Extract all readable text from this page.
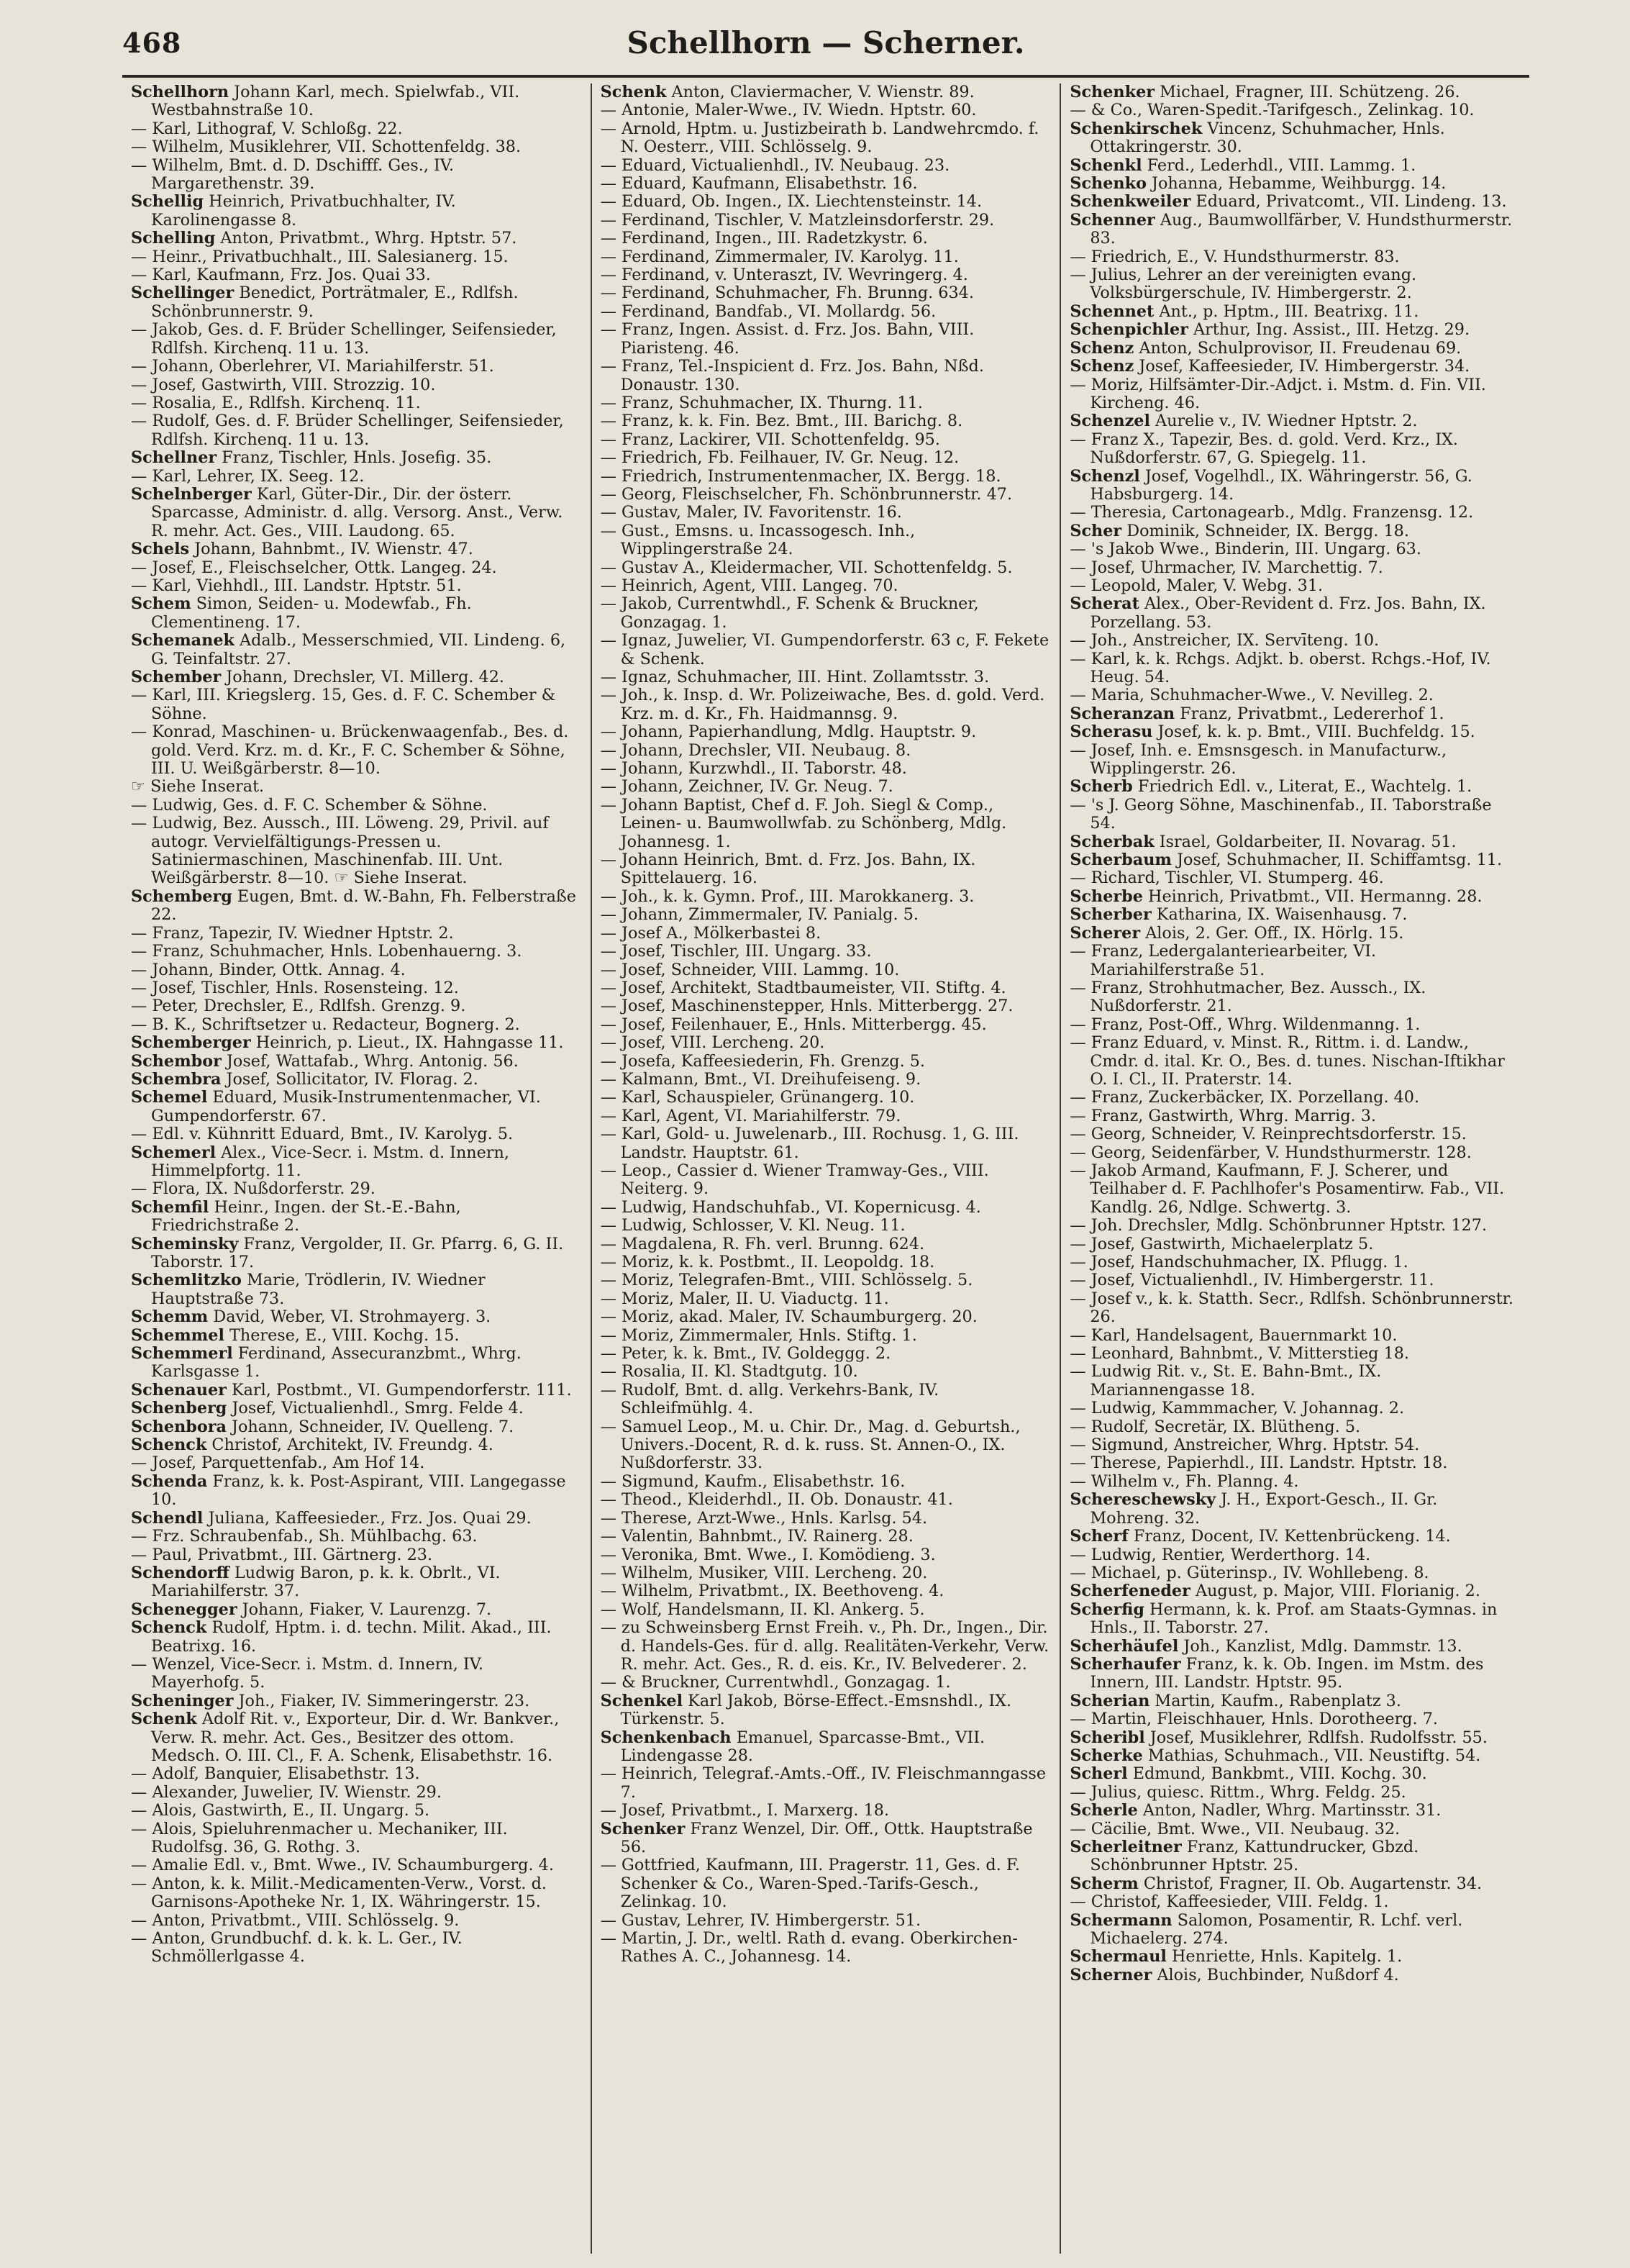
468	Schellhorn — Scherner.

Schellhorn Johann Karl, mech. Spielwfab., VII. Westbahnstraße 10.

— Karl, Lithograf, V. Schloßg. 22.

— Wilhelm, Musiklehrer, VII. Schottenfeldg. 38.

— Wilhelm, Bmt. d. D. Dschifff. Ges., IV. Margarethenstr. 39.

Schellig Heinrich, Privatbuchhalter, IV. Karolinengasse 8.

Schelling Anton, Privatbmt., Whrg. Hptstr. 57.

— Heinr., Privatbuchhalt., III. Salesianerg. 15.

— Karl, Kaufmann, Frz. Jos. Quai 33.

Schellinger Benedict, Porträtmaler, E., Rdlfsh. Schönbrunnerstr. 9.

— Jakob, Ges. d. F. Brüder Schellinger, Seifensieder, Rdlfsh. Kirchenq. 11 u. 13.

— Johann, Oberlehrer, VI. Mariahilferstr. 51.

— Josef, Gastwirth, VIII. Strozzig. 10.

— Rosalia, E., Rdlfsh. Kirchenq. 11.

— Rudolf, Ges. d. F. Brüder Schellinger, Seifensieder, Rdlfsh. Kirchenq. 11 u. 13.

Schellner Franz, Tischler, Hnls. Josefig. 35.

— Karl, Lehrer, IX. Seeg. 12.

Schelnberger Karl, Güter-Dir., Dir. der österr. Sparcasse, Administr. d. allg. Versorg. Anst., Verw. R. mehr. Act. Ges., VIII. Laudong. 65.

Schels Johann, Bahnbmt., IV. Wienstr. 47.

— Josef, E., Fleischselcher, Ottk. Langeg. 24.

— Karl, Viehhdl., III. Landstr. Hptstr. 51.

Schem Simon, Seiden- u. Modewfab., Fh. Clementineng. 17.

Schemanek Adalb., Messerschmied, VII. Lindeng. 6, G. Teinfaltstr. 27.

Schember Johann, Drechsler, VI. Millerg. 42.

— Karl, III. Kriegslerg. 15, Ges. d. F. C. Schember & Söhne.

— Konrad, Maschinen- u. Brückenwaagenfab., Bes. d. gold. Verd. Krz. m. d. Kr., F. C. Schember & Söhne, III. U. Weißgärberstr. 8—10.

☞ Siehe Inserat.

— Ludwig, Ges. d. F. C. Schember & Söhne.

— Ludwig, Bez. Aussch., III. Löweng. 29, Privil. auf autogr. Vervielfältigungs-Pressen u. Satiniermaschinen, Maschinenfab. III. Unt. Weißgärberstr. 8—10. ☞ Siehe Inserat.

Schemberg Eugen, Bmt. d. W.-Bahn, Fh. Felberstraße 22.

— Franz, Tapezir, IV. Wiedner Hptstr. 2.

— Franz, Schuhmacher, Hnls. Lobenhauerng. 3.

— Johann, Binder, Ottk. Annag. 4.

— Josef, Tischler, Hnls. Rosensteing. 12.

— Peter, Drechsler, E., Rdlfsh. Grenzg. 9.

— B. K., Schriftsetzer u. Redacteur, Bognerg. 2.

Schemberger Heinrich, p. Lieut., IX. Hahngasse 11.

Schembor Josef, Wattafab., Whrg. Antonig. 56.

Schembra Josef, Sollicitator, IV. Florag. 2.

Schemel Eduard, Musik-Instrumentenmacher, VI. Gumpendorferstr. 67.

— Edl. v. Kühnritt Eduard, Bmt., IV. Karolyg. 5.

Schemerl Alex., Vice-Secr. i. Mstm. d. Innern, Himmelpfortg. 11.

— Flora, IX. Nußdorferstr. 29.

Schemfil Heinr., Ingen. der St.-E.-Bahn, Friedrichstraße 2.

Scheminsky Franz, Vergolder, II. Gr. Pfarrg. 6, G. II. Taborstr. 17.

Schemlitzko Marie, Trödlerin, IV. Wiedner Hauptstraße 73.

Schemm David, Weber, VI. Strohmayerg. 3.

Schemmel Therese, E., VIII. Kochg. 15.

Schemmerl Ferdinand, Assecuranzbmt., Whrg. Karlsgasse 1.

Schenauer Karl, Postbmt., VI. Gumpendorferstr. 111.

Schenberg Josef, Victualienhdl., Smrg. Felde 4.

Schenbora Johann, Schneider, IV. Quelleng. 7.

Schenck Christof, Architekt, IV. Freundg. 4.

— Josef, Parquettenfab., Am Hof 14.

Schenda Franz, k. k. Post-Aspirant, VIII. Langegasse 10.

Schendl Juliana, Kaffeesieder., Frz. Jos. Quai 29.

— Frz. Schraubenfab., Sh. Mühlbachg. 63.

— Paul, Privatbmt., III. Gärtnerg. 23.

Schendorff Ludwig Baron, p. k. k. Obrlt., VI. Mariahilferstr. 37.

Schenegger Johann, Fiaker, V. Laurenzg. 7.

Schenck Rudolf, Hptm. i. d. techn. Milit. Akad., III. Beatrixg. 16.

— Wenzel, Vice-Secr. i. Mstm. d. Innern, IV. Mayerhofg. 5.

Scheninger Joh., Fiaker, IV. Simmeringerstr. 23.

Schenk Adolf Rit. v., Exporteur, Dir. d. Wr. Bankver., Verw. R. mehr. Act. Ges., Besitzer des ottom. Medsch. O. III. Cl., F. A. Schenk, Elisabethstr. 16.

— Adolf, Banquier, Elisabethstr. 13.

— Alexander, Juwelier, IV. Wienstr. 29.

— Alois, Gastwirth, E., II. Ungarg. 5.

— Alois, Spieluhrenmacher u. Mechaniker, III. Rudolfsg. 36, G. Rothg. 3.

— Amalie Edl. v., Bmt. Wwe., IV. Schaumburgerg. 4.

— Anton, k. k. Milit.-Medicamenten-Verw., Vorst. d. Garnisons-Apotheke Nr. 1, IX. Währingerstr. 15.

— Anton, Privatbmt., VIII. Schlösselg. 9.

— Anton, Grundbuchf. d. k. k. L. Ger., IV. Schmöllerlgasse 4.

Schenk Anton, Claviermacher, V. Wienstr. 89.

— Antonie, Maler-Wwe., IV. Wiedn. Hptstr. 60.

— Arnold, Hptm. u. Justizbeirath b. Landwehrcmdo. f. N. Oesterr., VIII. Schlösselg. 9.

— Eduard, Victualienhdl., IV. Neubaug. 23.

— Eduard, Kaufmann, Elisabethstr. 16.

— Eduard, Ob. Ingen., IX. Liechtensteinstr. 14.

— Ferdinand, Tischler, V. Matzleinsdorferstr. 29.

— Ferdinand, Ingen., III. Radetzkystr. 6.

— Ferdinand, Zimmermaler, IV. Karolyg. 11.

— Ferdinand, v. Unteraszt, IV. Wevringerg. 4.

— Ferdinand, Schuhmacher, Fh. Brunng. 634.

— Ferdinand, Bandfab., VI. Mollardg. 56.

— Franz, Ingen. Assist. d. Frz. Jos. Bahn, VIII. Piaristeng. 46.

— Franz, Tel.-Inspicient d. Frz. Jos. Bahn, Nßd. Donaustr. 130.

— Franz, Schuhmacher, IX. Thurng. 11.

— Franz, k. k. Fin. Bez. Bmt., III. Barichg. 8.

— Franz, Lackirer, VII. Schottenfeldg. 95.

— Friedrich, Fb. Feilhauer, IV. Gr. Neug. 12.

— Friedrich, Instrumentenmacher, IX. Bergg. 18.

— Georg, Fleischselcher, Fh. Schönbrunnerstr. 47.

— Gustav, Maler, IV. Favoritenstr. 16.

— Gust., Emsns. u. Incassogesch. Inh., Wipplingerstraße 24.

— Gustav A., Kleidermacher, VII. Schottenfeldg. 5.

— Heinrich, Agent, VIII. Langeg. 70.

— Jakob, Currentwhdl., F. Schenk & Bruckner, Gonzagag. 1.

— Ignaz, Juwelier, VI. Gumpendorferstr. 63 c, F. Fekete & Schenk.

— Ignaz, Schuhmacher, III. Hint. Zollamtsstr. 3.

— Joh., k. Insp. d. Wr. Polizeiwache, Bes. d. gold. Verd. Krz. m. d. Kr., Fh. Haidmannsg. 9.

— Johann, Papierhandlung, Mdlg. Hauptstr. 9.

— Johann, Drechsler, VII. Neubaug. 8.

— Johann, Kurzwhdl., II. Taborstr. 48.

— Johann, Zeichner, IV. Gr. Neug. 7.

— Johann Baptist, Chef d. F. Joh. Siegl & Comp., Leinen- u. Baumwollwfab. zu Schönberg, Mdlg. Johannesg. 1.

— Johann Heinrich, Bmt. d. Frz. Jos. Bahn, IX. Spittelauerg. 16.

— Joh., k. k. Gymn. Prof., III. Marokkanerg. 3.

— Johann, Zimmermaler, IV. Panialg. 5.

— Josef A., Mölkerbastei 8.

— Josef, Tischler, III. Ungarg. 33.

— Josef, Schneider, VIII. Lammg. 10.

— Josef, Architekt, Stadtbaumeister, VII. Stiftg. 4.

— Josef, Maschinenstepper, Hnls. Mitterbergg. 27.

— Josef, Feilenhauer, E., Hnls. Mitterbergg. 45.

— Josef, VIII. Lercheng. 20.

— Josefa, Kaffeesiederin, Fh. Grenzg. 5.

— Kalmann, Bmt., VI. Dreihufeiseng. 9.

— Karl, Schauspieler, Grünangerg. 10.

— Karl, Agent, VI. Mariahilferstr. 79.

— Karl, Gold- u. Juwelenarb., III. Rochusg. 1, G. III. Landstr. Hauptstr. 61.

— Leop., Cassier d. Wiener Tramway-Ges., VIII. Neiterg. 9.

— Ludwig, Handschuhfab., VI. Kopernicusg. 4.

— Ludwig, Schlosser, V. Kl. Neug. 11.

— Magdalena, R. Fh. verl. Brunng. 624.

— Moriz, k. k. Postbmt., II. Leopoldg. 18.

— Moriz, Telegrafen-Bmt., VIII. Schlösselg. 5.

— Moriz, Maler, II. U. Viaductg. 11.

— Moriz, akad. Maler, IV. Schaumburgerg. 20.

— Moriz, Zimmermaler, Hnls. Stiftg. 1.

— Peter, k. k. Bmt., IV. Goldeggg. 2.

— Rosalia, II. Kl. Stadtgutg. 10.

— Rudolf, Bmt. d. allg. Verkehrs-Bank, IV. Schleifmühlg. 4.

— Samuel Leop., M. u. Chir. Dr., Mag. d. Geburtsh., Univers.-Docent, R. d. k. russ. St. Annen-O., IX. Nußdorferstr. 33.

— Sigmund, Kaufm., Elisabethstr. 16.

— Theod., Kleiderhdl., II. Ob. Donaustr. 41.

— Therese, Arzt-Wwe., Hnls. Karlsg. 54.

— Valentin, Bahnbmt., IV. Rainerg. 28.

— Veronika, Bmt. Wwe., I. Komödieng. 3.

— Wilhelm, Musiker, VIII. Lercheng. 20.

— Wilhelm, Privatbmt., IX. Beethoveng. 4.

— Wolf, Handelsmann, II. Kl. Ankerg. 5.

— zu Schweinsberg Ernst Freih. v., Ph. Dr., Ingen., Dir. d. Handels-Ges. für d. allg. Realitäten-Verkehr, Verw. R. mehr. Act. Ges., R. d. eis. Kr., IV. Belvederег. 2.

— & Bruckner, Currentwhdl., Gonzagag. 1.

Schenkel Karl Jakob, Börse-Effect.-Emsnshdl., IX. Türkenstr. 5.

Schenkenbach Emanuel, Sparcasse-Bmt., VII. Lindengasse 28.

— Heinrich, Telegraf.-Amts.-Off., IV. Fleischmanngasse 7.

— Josef, Privatbmt., I. Marxerg. 18.

Schenker Franz Wenzel, Dir. Off., Ottk. Hauptstraße 56.

— Gottfried, Kaufmann, III. Pragerstr. 11, Ges. d. F. Schenker & Co., Waren-Sped.-Tarifs-Gesch., Zelinkag. 10.

— Gustav, Lehrer, IV. Himbergerstr. 51.

— Martin, J. Dr., weltl. Rath d. evang. Oberkirchen-Rathes A. C., Johannesg. 14.

Schenker Michael, Fragner, III. Schützeng. 26.

— & Co., Waren-Spedit.-Tarifgesch., Zelinkag. 10.

Schenkirschek Vincenz, Schuhmacher, Hnls. Ottakringerstr. 30.

Schenkl Ferd., Lederhdl., VIII. Lammg. 1.

Schenko Johanna, Hebamme, Weihburgg. 14.

Schenkweiler Eduard, Privatcomt., VII. Lindeng. 13.

Schenner Aug., Baumwollfärber, V. Hundsthurmerstr. 83.

— Friedrich, E., V. Hundsthurmerstr. 83.

— Julius, Lehrer an der vereinigten evang. Volksbürgerschule, IV. Himbergerstr. 2.

Schennet Ant., p. Hptm., III. Beatrixg. 11.

Schenpichler Arthur, Ing. Assist., III. Hetzg. 29.

Schenz Anton, Schulprovisor, II. Freudenau 69.

Schenz Josef, Kaffeesieder, IV. Himbergerstr. 34.

— Moriz, Hilfsämter-Dir.-Adjct. i. Mstm. d. Fin. VII. Kircheng. 46.

Schenzel Aurelie v., IV. Wiedner Hptstr. 2.

— Franz X., Tapezir, Bes. d. gold. Verd. Krz., IX. Nußdorferstr. 67, G. Spiegelg. 11.

Schenzl Josef, Vogelhdl., IX. Währingerstr. 56, G. Habsburgerg. 14.

— Theresia, Cartonagearb., Mdlg. Franzensg. 12.

Scher Dominik, Schneider, IX. Bergg. 18.

— 's Jakob Wwe., Binderin, III. Ungarg. 63.

— Josef, Uhrmacher, IV. Marchettig. 7.

— Leopold, Maler, V. Webg. 31.

Scherat Alex., Ober-Revident d. Frz. Jos. Bahn, IX. Porzellang. 53.

— Joh., Anstreicher, IX. Servīteng. 10.

— Karl, k. k. Rchgs. Adjkt. b. oberst. Rchgs.-Hof, IV. Heug. 54.

— Maria, Schuhmacher-Wwe., V. Nevilleg. 2.

Scheranzan Franz, Privatbmt., Ledererhof 1.

Scherasu Josef, k. k. p. Bmt., VIII. Buchfeldg. 15.

— Josef, Inh. e. Emsnsgesch. in Manufacturw., Wipplingerstr. 26.

Scherb Friedrich Edl. v., Literat, E., Wachtelg. 1.

— 's J. Georg Söhne, Maschinenfab., II. Taborstraße 54.

Scherbak Israel, Goldarbeiter, II. Novarag. 51.

Scherbaum Josef, Schuhmacher, II. Schiffamtsg. 11.

— Richard, Tischler, VI. Stumperg. 46.

Scherbe Heinrich, Privatbmt., VII. Hermanng. 28.

Scherber Katharina, IX. Waisenhausg. 7.

Scherer Alois, 2. Ger. Off., IX. Hörlg. 15.

— Franz, Ledergalanteriearbeiter, VI. Mariahilferstraße 51.

— Franz, Strohhutmacher, Bez. Aussch., IX. Nußdorferstr. 21.

— Franz, Post-Off., Whrg. Wildenmanng. 1.

— Franz Eduard, v. Minst. R., Rittm. i. d. Landw., Cmdr. d. ital. Kr. O., Bes. d. tunes. Nischan-Iftikhar O. I. Cl., II. Praterstr. 14.

— Franz, Zuckerbäcker, IX. Porzellang. 40.

— Franz, Gastwirth, Whrg. Marrig. 3.

— Georg, Schneider, V. Reinprechtsdorferstr. 15.

— Georg, Seidenfärber, V. Hundsthurmerstr. 128.

— Jakob Armand, Kaufmann, F. J. Scherer, und Teilhaber d. F. Pachlhofer's Posamentirw. Fab., VII. Kandlg. 26, Ndlge. Schwertg. 3.

— Joh. Drechsler, Mdlg. Schönbrunner Hptstr. 127.

— Josef, Gastwirth, Michaelerplatz 5.

— Josef, Handschuhmacher, IX. Pflugg. 1.

— Josef, Victualienhdl., IV. Himbergerstr. 11.

— Josef v., k. k. Statth. Secr., Rdlfsh. Schönbrunnerstr. 26.

— Karl, Handelsagent, Bauernmarkt 10.

— Leonhard, Bahnbmt., V. Mitterstieg 18.

— Ludwig Rit. v., St. E. Bahn-Bmt., IX. Mariannengasse 18.

— Ludwig, Kammmacher, V. Johannag. 2.

— Rudolf, Secretär, IX. Blütheng. 5.

— Sigmund, Anstreicher, Whrg. Hptstr. 54.

— Therese, Papierhdl., III. Landstr. Hptstr. 18.

— Wilhelm v., Fh. Planng. 4.

Schereschewsky J. H., Export-Gesch., II. Gr. Mohreng. 32.

Scherf Franz, Docent, IV. Kettenbrückeng. 14.

— Ludwig, Rentier, Werderthorg. 14.

— Michael, p. Güterinsp., IV. Wohllebeng. 8.

Scherfeneder August, p. Major, VIII. Florianig. 2.

Scherfig Hermann, k. k. Prof. am Staats-Gymnas. in Hnls., II. Taborstr. 27.

Scherhäufel Joh., Kanzlist, Mdlg. Dammstr. 13.

Scherhaufer Franz, k. k. Ob. Ingen. im Mstm. des Innern, III. Landstr. Hptstr. 95.

Scherian Martin, Kaufm., Rabenplatz 3.

— Martin, Fleischhauer, Hnls. Dorotheerg. 7.

Scheribl Josef, Musiklehrer, Rdlfsh. Rudolfsstr. 55.

Scherke Mathias, Schuhmach., VII. Neustiftg. 54.

Scherl Edmund, Bankbmt., VIII. Kochg. 30.

— Julius, quiesc. Rittm., Whrg. Feldg. 25.

Scherle Anton, Nadler, Whrg. Martinsstr. 31.

— Cäcilie, Bmt. Wwe., VII. Neubaug. 32.

Scherleitner Franz, Kattundrucker, Gbzd. Schönbrunner Hptstr. 25.

Scherm Christof, Fragner, II. Ob. Augartenstr. 34.

— Christof, Kaffeesieder, VIII. Feldg. 1.

Schermann Salomon, Posamentir, R. Lchf. verl. Michaelerg. 274.

Schermaul Henriette, Hnls. Kapitelg. 1.

Scherner Alois, Buchbinder, Nußdorf 4.
